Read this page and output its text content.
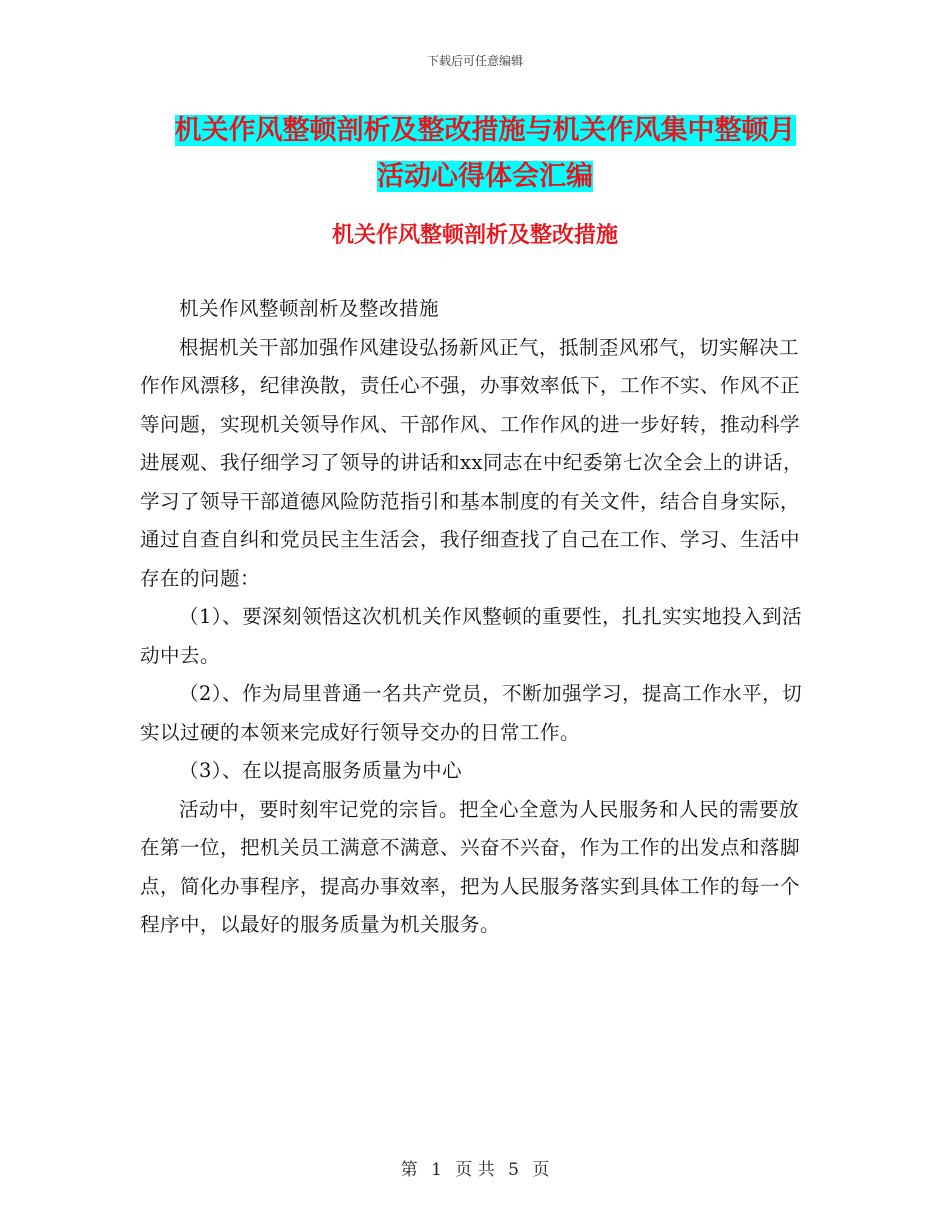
下载后可任意编辑
机关作风整顿剖析及整改措施与机关作风集中整顿月
活动心得体会汇编
机关作风整顿剖析及整改措施

机关作风整顿剖析及整改措施

根据机关干部加强作风建设弘扬新风正气，抵制歪风邪气，切实解决工作作风漂移，纪律涣散，责任心不强，办事效率低下，工作不实、作风不正等问题，实现机关领导作风、干部作风、工作作风的进一步好转，推动科学进展观、我仔细学习了领导的讲话和xx同志在中纪委第七次全会上的讲话，学习了领导干部道德风险防范指引和基本制度的有关文件，结合自身实际，通过自查自纠和党员民主生活会，我仔细查找了自己在工作、学习、生活中存在的问题：

（1）、要深刻领悟这次机机关作风整顿的重要性，扎扎实实地投入到活动中去。

（2）、作为局里普通一名共产党员，不断加强学习，提高工作水平，切实以过硬的本领来完成好行领导交办的日常工作。

（3）、在以提高服务质量为中心

活动中，要时刻牢记党的宗旨。把全心全意为人民服务和人民的需要放在第一位，把机关员工满意不满意、兴奋不兴奋，作为工作的出发点和落脚点，简化办事程序，提高办事效率，把为人民服务落实到具体工作的每一个程序中，以最好的服务质量为机关服务。

第 1 页 共 5 页
